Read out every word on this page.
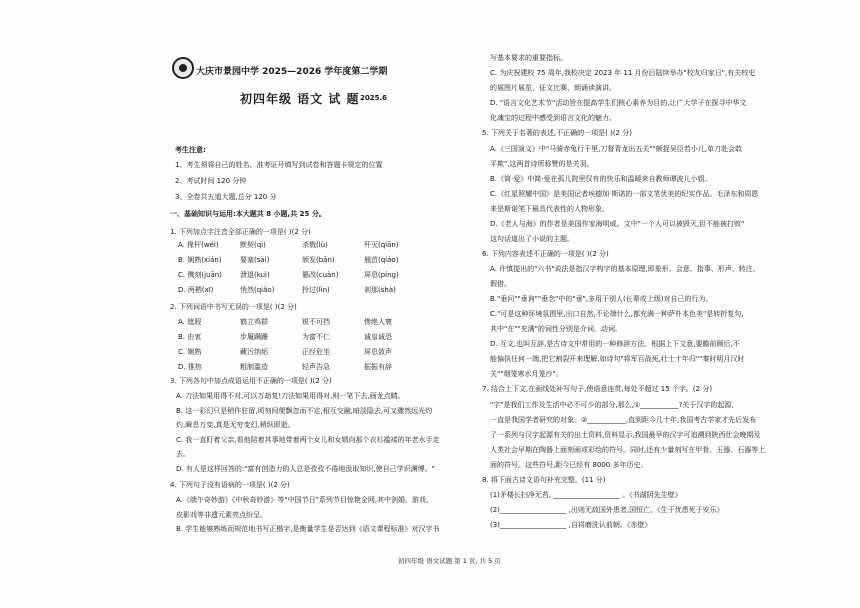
大庆市景园中学 2025—2026 学年度第二学期
初四年级 语文 试 题 2025.6
考生注意:
1、考生须将自己的姓名、准考证号填写到试卷和答题卡规定的位置
2、考试时间 120 分钟
3、全卷共五道大题,总分 120 分
一、基础知识与运用:本大题共 8 小题,共 25 分。
1. 下列加点字注音全部正确的一项是( )(2 分)
A. 椽杆(wéi)	默契(qì)	杀戮(lù)	歼灭(qiān)
B. 娴熟(xián)	要塞(sài)	颁发(bān)	翘首(qiáo)
C. 镌刻(juān)	溃退(kuì)	篡改(cuàn)	屏息(píng)
D. 两栖(xī)	悄然(qiǎo)	拎过(lìn)	刹那(shà)
2. 下列词语中书写无误的一项是( )(2 分)
A. 遮瑕	鹤立鸡群	锐不可挡	惨绝人寰
B. 由衷	步履蹒跚	为富不仁	诚皇诚恐
C. 娴熟	藏污纳垢	正经危坐	屏息敛声
D. 推热	粗制滥造	轻声告急	振振有辞
3. 下列各句中加点成语运用不正确的一项是( )(2 分)
A. 刀法如果用得不对,可以万劫复!刀法如果用得对,则一笔下去,画龙点睛。
B. 这一彩幻只是稍作驻留,顷刻间便飘忽而不定,相互交融,暗淡隐去,可又骤然远光灼
灼,瞬息万变,真是无穷变幻,稍纵即逝。
C. 我一直盯着父亲,看他陪着其事地带着两个女儿和女婿向那个衣衫褴褛的年老水手走
去。
D. 有人是这样回答的:"富有创造力的人总是孜孜不倦地汲取知识,使自己学识渊博。"
4. 下列句子没有语病的一项是( )(2 分)
A.《端午奇妙游》《中秋奇妙游》等"中国节日"系列节目惊艳全网,其中剑婚、游戏、
皮影戏等非遗元素亮点纷呈。
B. 学生能够熟练而规范地书写正楷字,是衡量学生是否达到《语文课程标准》对汉字书
写基本要求的重要指标。
C. 为庆祝建校 75 周年,我校决定 2023 年 11 月份后陆续举办"校友归家日",有关校史
的展图片展览、征文比赛、朗诵读演讲。
D. "语言文化艺术节"活动旨在提高学生们核心素养为目的,让广大学子在探寻中华文
化魂宝的过程中感受到语言文化的魅力。
5. 下列关于名著的表述,不正确的一项是( )(2 分)
A.《三国演义》中"马骑赤兔行千里,刀督青龙出五关""颇捉吴臣若小儿,单刀赴会敢
平欺",这两首诗所称赞的是关羽。
B.《简·爱》中简·爱在孤儿院里仅有的快乐和温暖来自教师谭波儿小姐。
C.《红星照耀中国》是美国记者埃德加·斯诺的一部文笔优美的纪实作品。毛泽东和周恩
来是斯诺笔下最具代表性的人物形象。
D.《老人与海》的作者是美国作家海明威。文中"一个人可以被毁灭,但不能被打败"
这句话道出了小说的主题。
6. 下列内容表述不正确的一项是( )(2 分)
A. 许慎提出的"六书"说法是指汉字构字的基本原理,即象形、会意、指事、形声、转注、
假借。
B."垂问""垂询""垂念"中的"垂",多用于别人(长辈或上级)对自己的行为。
C."可是这种环境氛围里,出口自然,不论端什么,都充满一种萨朴本色美"是转折复句,
其中"在""充满"的词性分别是介词、动词。
D. 互文,也叫互辞,是古诗文中常用的一种修辞方法。根据上下文意,要瞻前顾后,不
能偏执任何一端,把它割裂开来理解,如诗句"将军百战死,壮士十年归""秦时明月汉时
关""烟笼寒水月笼沙"。
7. 结合上下文,在画线处补写句子,使语意连贯,每处不超过 15 个字。(2 分)
"字"是我们工作及生活中必不可少的部分,那么,①___________?关于汉字的起源,
一直是我国学者研究的对象。②___________,直到距今几十年,我国考古学家才先后发布
了一系列与汉字起源有关的出土资料,资料显示,我国最早的汉字可追溯到陕西仕会晚期及
人类社会早期在陶器上面刻画或彩绘的符号。同时,还有少量刻写在甲骨、玉器、石器等上
面的符号。这些符号,距今已经有 8000 多年历史。
8. 将下面古诗文语句补充完整。(11 分)
(1)矛楼长扫净无苔, ___________________ 。《书湖阴先生壁》
(2)___________________ ,出则无敌国外患者,国恒亡。《生于忧患死于安乐》
(3)___________________ ,自将磨洗认前朝。《赤壁》
初四年级 语文试题 第 1 页, 共 5 页
